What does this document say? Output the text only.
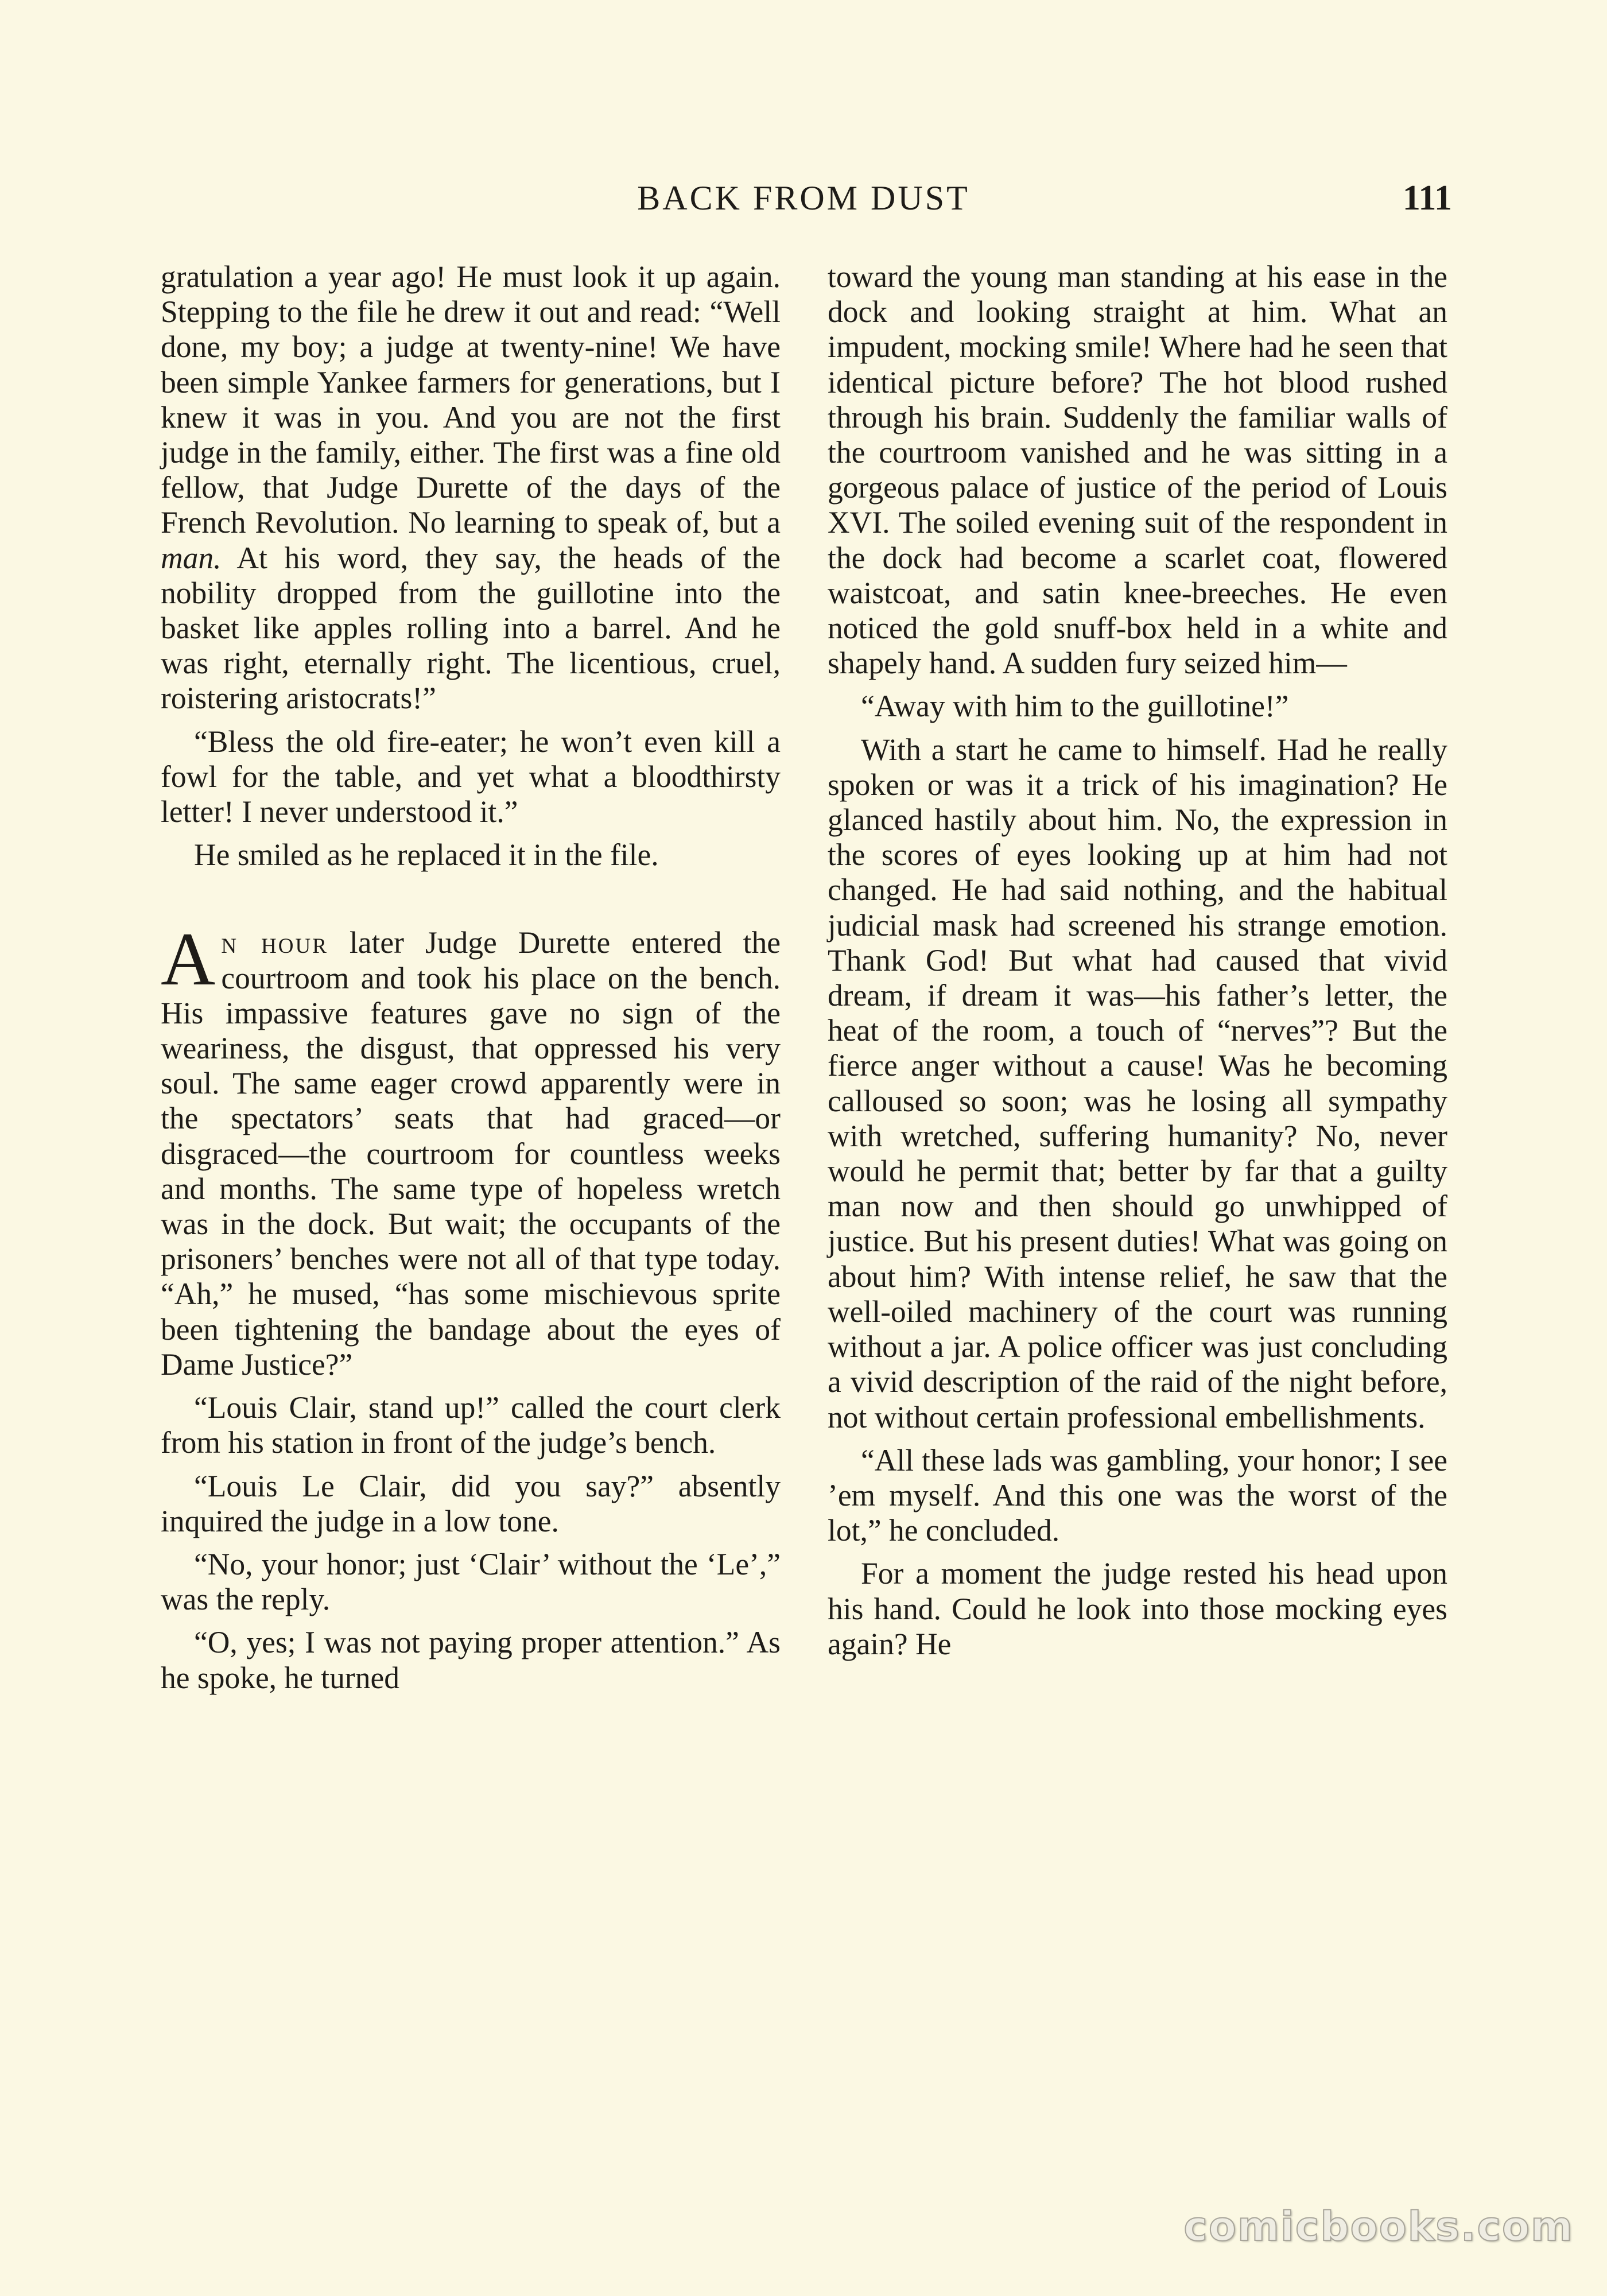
BACK FROM DUST	111

gratulation a year ago! He must look it up again. Stepping to the file he drew it out and read: “Well done, my boy; a judge at twenty-nine! We have been simple Yankee farmers for generations, but I knew it was in you. And you are not the first judge in the family, either. The first was a fine old fellow, that Judge Durette of the days of the French Revolution. No learning to speak of, but a man. At his word, they say, the heads of the nobility dropped from the guillotine into the basket like apples rolling into a barrel. And he was right, eternally right. The licentious, cruel, roistering aristocrats!”

“Bless the old fire-eater; he won’t even kill a fowl for the table, and yet what a bloodthirsty letter! I never understood it.”

He smiled as he replaced it in the file.

An hour later Judge Durette entered the courtroom and took his place on the bench. His impassive features gave no sign of the weariness, the disgust, that oppressed his very soul. The same eager crowd apparently were in the spectators’ seats that had graced—or disgraced—the courtroom for countless weeks and months. The same type of hopeless wretch was in the dock. But wait; the occupants of the prisoners’ benches were not all of that type today. “Ah,” he mused, “has some mischievous sprite been tightening the bandage about the eyes of Dame Justice?”

“Louis Clair, stand up!” called the court clerk from his station in front of the judge’s bench.

“Louis Le Clair, did you say?” absently inquired the judge in a low tone.

“No, your honor; just ‘Clair’ without the ‘Le’,” was the reply.

“O, yes; I was not paying proper attention.” As he spoke, he turned

toward the young man standing at his ease in the dock and looking straight at him. What an impudent, mocking smile! Where had he seen that identical picture before? The hot blood rushed through his brain. Suddenly the familiar walls of the courtroom vanished and he was sitting in a gorgeous palace of justice of the period of Louis XVI. The soiled evening suit of the respondent in the dock had become a scarlet coat, flowered waistcoat, and satin knee-breeches. He even noticed the gold snuff-box held in a white and shapely hand. A sudden fury seized him—

“Away with him to the guillotine!”

With a start he came to himself. Had he really spoken or was it a trick of his imagination? He glanced hastily about him. No, the expression in the scores of eyes looking up at him had not changed. He had said nothing, and the habitual judicial mask had screened his strange emotion. Thank God! But what had caused that vivid dream, if dream it was—his father’s letter, the heat of the room, a touch of “nerves”? But the fierce anger without a cause! Was he becoming calloused so soon; was he losing all sympathy with wretched, suffering humanity? No, never would he permit that; better by far that a guilty man now and then should go unwhipped of justice. But his present duties! What was going on about him? With intense relief, he saw that the well-oiled machinery of the court was running without a jar. A police officer was just concluding a vivid description of the raid of the night before, not without certain professional embellishments.

“All these lads was gambling, your honor; I see ’em myself. And this one was the worst of the lot,” he concluded.

For a moment the judge rested his head upon his hand. Could he look into those mocking eyes again? He

comicbooks.com
